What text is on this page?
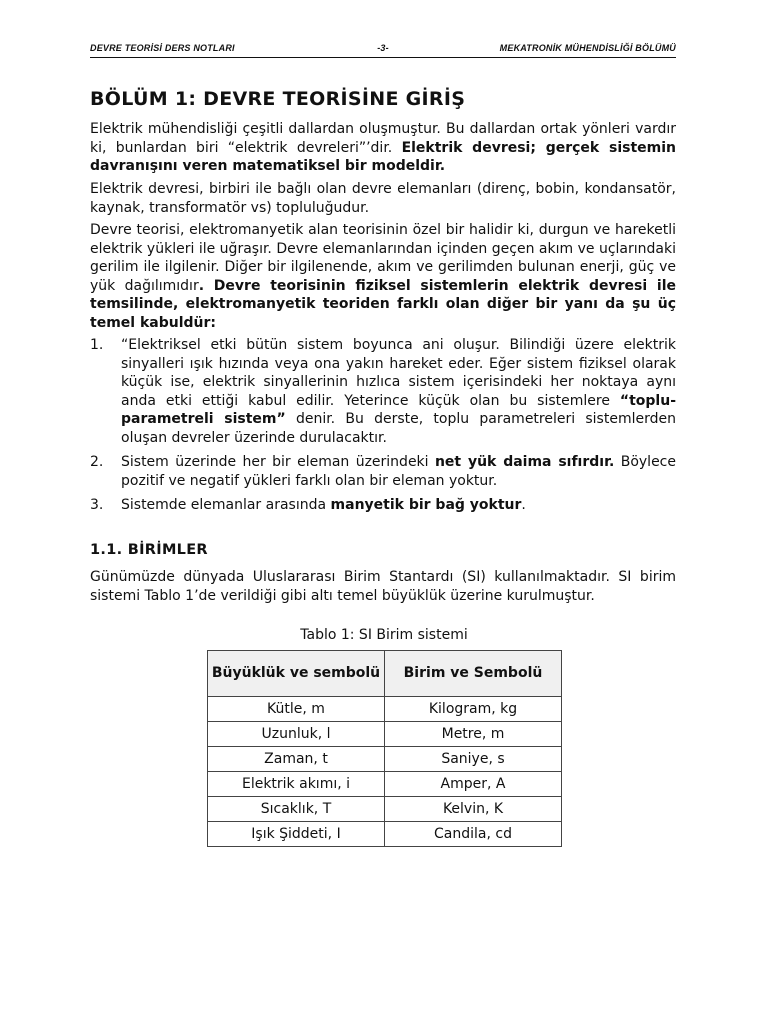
DEVRE TEORİSİ DERS NOTLARI	-3-	MEKATRONİK MÜHENDİSLİĞİ BÖLÜMÜ
BÖLÜM 1: DEVRE TEORİSİNE GİRİŞ

Elektrik mühendisliği çeşitli dallardan oluşmuştur. Bu dallardan ortak yönleri vardır ki, bunlardan biri “elektrik devreleri”’dir. Elektrik devresi; gerçek sistemin davranışını veren matematiksel bir modeldir.

Elektrik devresi, birbiri ile bağlı olan devre elemanları (direnç, bobin, kondansatör, kaynak, transformatör vs) topluluğudur.

Devre teorisi, elektromanyetik alan teorisinin özel bir halidir ki, durgun ve hareketli elektrik yükleri ile uğraşır. Devre elemanlarından içinden geçen akım ve uçlarındaki gerilim ile ilgilenir. Diğer bir ilgilenende, akım ve gerilimden bulunan enerji, güç ve yük dağılımıdır. Devre teorisinin fiziksel sistemlerin elektrik devresi ile temsilinde, elektromanyetik teoriden farklı olan diğer bir yanı da şu üç temel kabuldür:

1. “Elektriksel etki bütün sistem boyunca ani oluşur. Bilindiği üzere elektrik sinyalleri ışık hızında veya ona yakın hareket eder. Eğer sistem fiziksel olarak küçük ise, elektrik sinyallerinin hızlıca sistem içerisindeki her noktaya aynı anda etki ettiği kabul edilir. Yeterince küçük olan bu sistemlere “toplu-parametreli sistem” denir. Bu derste, toplu parametreleri sistemlerden oluşan devreler üzerinde durulacaktır.
2. Sistem üzerinde her bir eleman üzerindeki net yük daima sıfırdır. Böylece pozitif ve negatif yükleri farklı olan bir eleman yoktur.
3. Sistemde elemanlar arasında manyetik bir bağ yoktur.
1.1. BİRİMLER

Günümüzde dünyada Uluslararası Birim Stantardı (SI) kullanılmaktadır. SI birim sistemi Tablo 1’de verildiği gibi altı temel büyüklük üzerine kurulmuştur.

Tablo 1: SI Birim sistemi
Büyüklük ve sembolü	Birim ve Sembolü
Kütle, m	Kilogram, kg
Uzunluk, l	Metre, m
Zaman, t	Saniye, s
Elektrik akımı, i	Amper, A
Sıcaklık, T	Kelvin, K
Işık Şiddeti, I	Candila, cd
